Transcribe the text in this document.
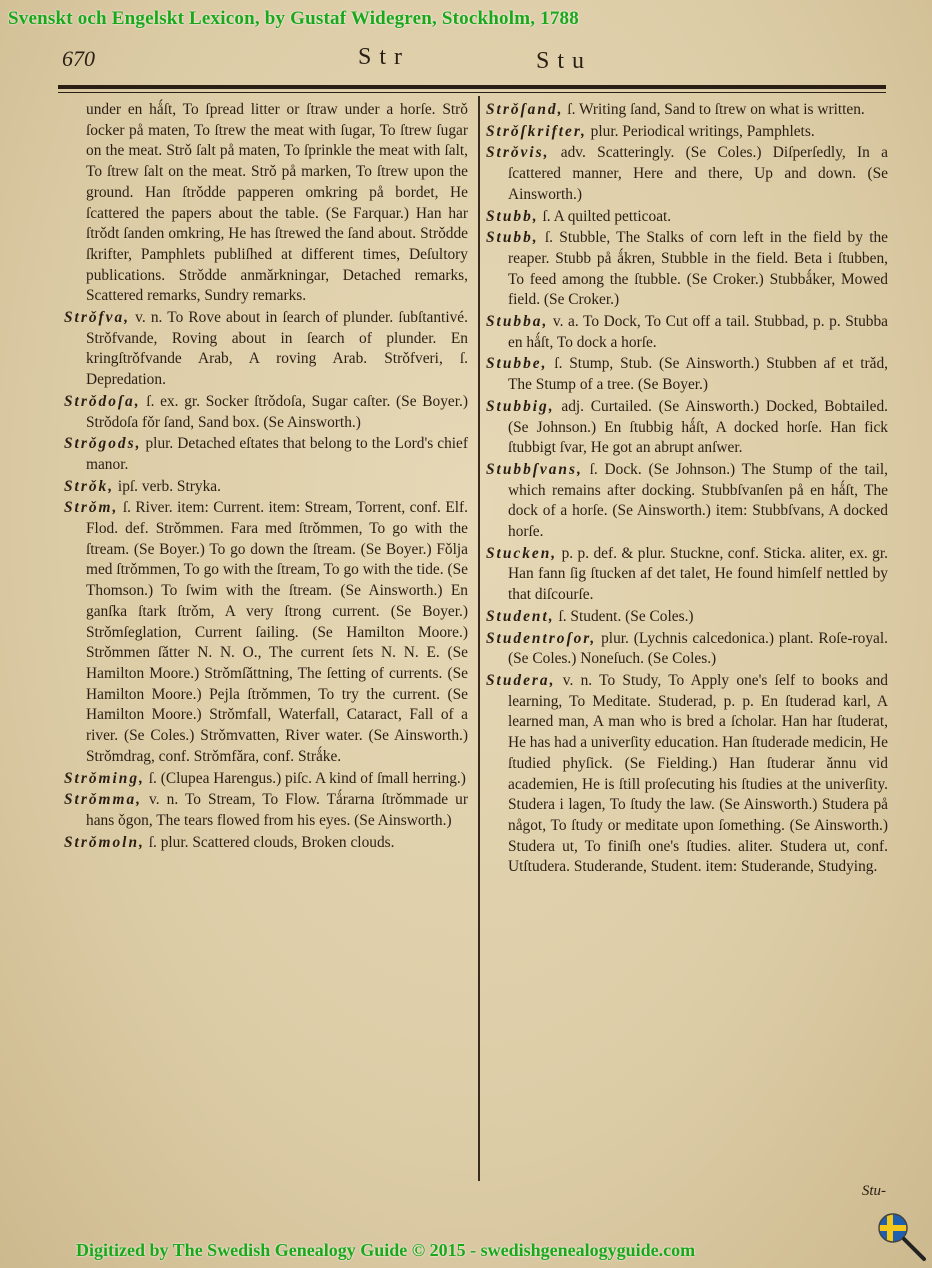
Svenskt och Engelskt Lexicon, by Gustaf Widegren, Stockholm, 1788
670	Str	Stu
under en hǻſt, To ſpread litter or ſtraw under a horſe. Strǒ ſocker på maten, To ſtrew the meat with ſugar, To ſtrew ſugar on the meat. Strǒ ſalt på maten, To ſprinkle the meat with ſalt, To ſtrew ſalt on the meat. Strǒ på marken, To ſtrew upon the ground. Han ſtrǒdde papperen omkring på bordet, He ſcattered the papers about the table. (Se Farquar.) Han har ſtrǒdt ſanden omkring, He has ſtrewed the ſand about. Strǒdde ſkrifter, Pamphlets publiſhed at different times, Deſultory publications. Strǒdde anmǎrkningar, Detached remarks, Scattered remarks, Sundry remarks.
Strǒfva, v. n. To Rove about in ſearch of plunder. ſubſtantivé. Strǒfvande, Roving about in ſearch of plunder. En kringſtrǒfvande Arab, A roving Arab. Strǒfveri, ſ. Depredation.
Strǒdoſa, ſ. ex. gr. Socker ſtrǒdoſa, Sugar caſter. (Se Boyer.) Strǒdoſa fǒr ſand, Sand box. (Se Ainsworth.)
Strǒgods, plur. Detached eſtates that belong to the Lord's chief manor.
Strǒk, ipſ. verb. Stryka.
Strǒm, ſ. River. item: Current. item: Stream, Torrent, conf. Elf. Flod. def. Strǒmmen. Fara med ſtrǒmmen, To go with the ſtream. (Se Boyer.) To go down the ſtream. (Se Boyer.) Fǒlja med ſtrǒmmen, To go with the ſtream, To go with the tide. (Se Thomson.) To ſwim with the ſtream. (Se Ainsworth.) En ganſka ſtark ſtrǒm, A very ſtrong current. (Se Boyer.) Strǒmſeglation, Current ſailing. (Se Hamilton Moore.) Strǒmmen ſǎtter N. N. O., The current ſets N. N. E. (Se Hamilton Moore.) Strǒmſǎttning, The ſetting of currents. (Se Hamilton Moore.) Pejla ſtrǒmmen, To try the current. (Se Hamilton Moore.) Strǒmfall, Waterfall, Cataract, Fall of a river. (Se Coles.) Strǒmvatten, River water. (Se Ainsworth.) Strǒmdrag, conf. Strǒmfǎra, conf. Strǻke.
Strǒming, ſ. (Clupea Harengus.) piſc. A kind of ſmall herring.)
Strǒmma, v. n. To Stream, To Flow. Tǻrarna ſtrǒmmade ur hans ǒgon, The tears flowed from his eyes. (Se Ainsworth.)
Strǒmoln, ſ. plur. Scattered clouds, Broken clouds.
Strǒſand, ſ. Writing ſand, Sand to ſtrew on what is written.
Strǒſkrifter, plur. Periodical writings, Pamphlets.
Strǒvis, adv. Scatteringly. (Se Coles.) Diſperſedly, In a ſcattered manner, Here and there, Up and down. (Se Ainsworth.)
Stubb, ſ. A quilted petticoat.
Stubb, ſ. Stubble, The Stalks of corn left in the field by the reaper. Stubb på ǻkren, Stubble in the field. Beta i ſtubben, To feed among the ſtubble. (Se Croker.) Stubbǻker, Mowed field. (Se Croker.)
Stubba, v. a. To Dock, To Cut off a tail. Stubbad, p. p. Stubba en hǻſt, To dock a horſe.
Stubbe, ſ. Stump, Stub. (Se Ainsworth.) Stubben af et trǎd, The Stump of a tree. (Se Boyer.)
Stubbig, adj. Curtailed. (Se Ainsworth.) Docked, Bobtailed. (Se Johnson.) En ſtubbig hǻſt, A docked horſe. Han fick ſtubbigt ſvar, He got an abrupt anſwer.
Stubbſvans, ſ. Dock. (Se Johnson.) The Stump of the tail, which remains after docking. Stubbſvanſen på en hǻſt, The dock of a horſe. (Se Ainsworth.) item: Stubbſvans, A docked horſe.
Stucken, p. p. def. & plur. Stuckne, conf. Sticka. aliter, ex. gr. Han fann ſig ſtucken af det talet, He found himſelf nettled by that diſcourſe.
Student, ſ. Student. (Se Coles.)
Studentroſor, plur. (Lychnis calcedonica.) plant. Roſe-royal. (Se Coles.) Noneſuch. (Se Coles.)
Studera, v. n. To Study, To Apply one's ſelf to books and learning, To Meditate. Studerad, p. p. En ſtuderad karl, A learned man, A man who is bred a ſcholar. Han har ſtuderat, He has had a univerſity education. Han ſtuderade medicin, He ſtudied phyſick. (Se Fielding.) Han ſtuderar ǎnnu vid academien, He is ſtill proſecuting his ſtudies at the univerſity. Studera i lagen, To ſtudy the law. (Se Ainsworth.) Studera på något, To ſtudy or meditate upon ſomething. (Se Ainsworth.) Studera ut, To finiſh one's ſtudies. aliter. Studera ut, conf. Utſtudera. Studerande, Student. item: Studerande, Studying.
Stu-
Digitized by The Swedish Genealogy Guide © 2015 - swedishgenealogyguide.com
